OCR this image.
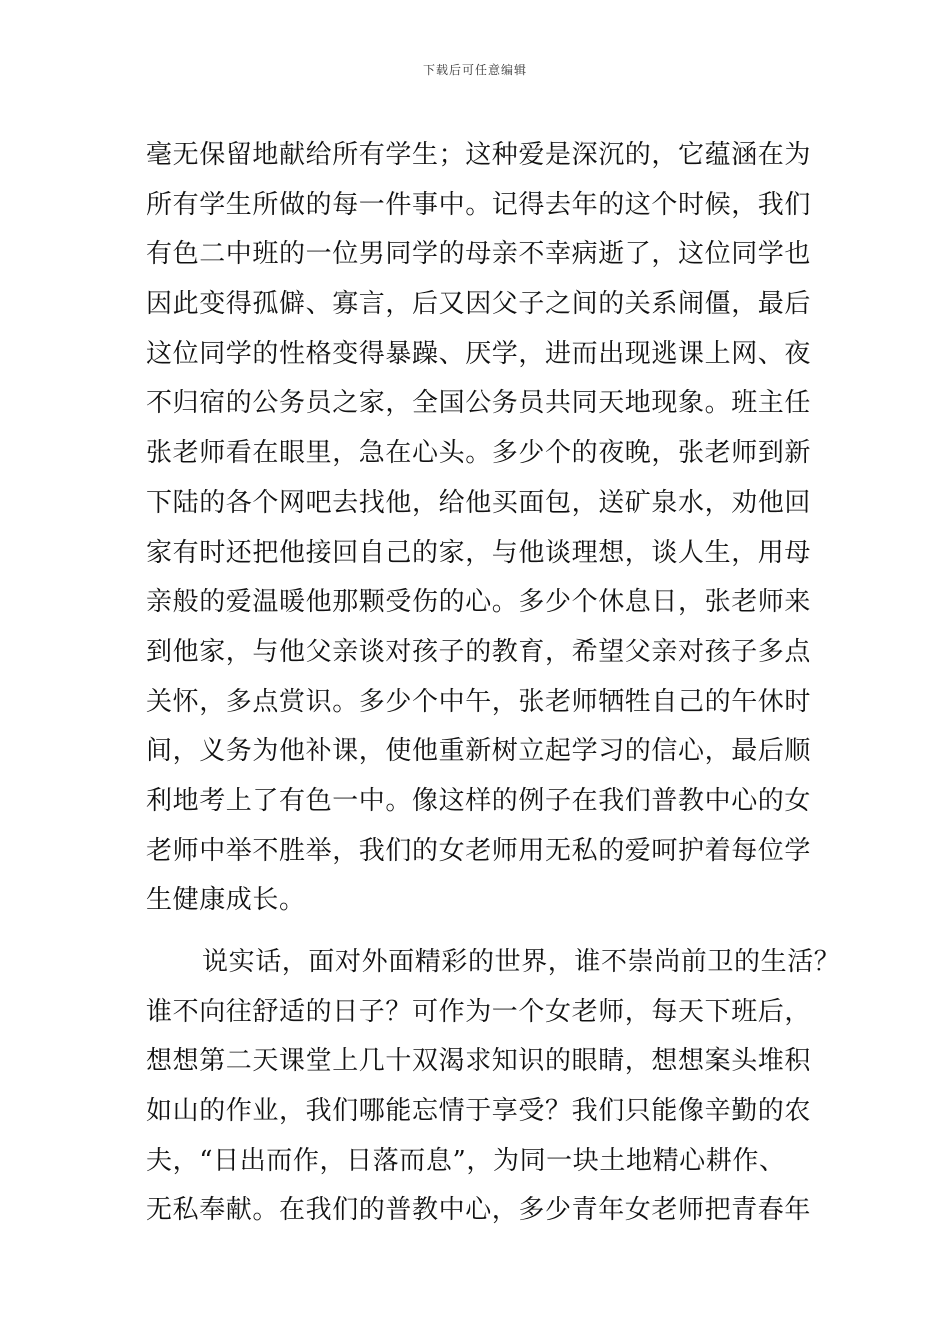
下载后可任意编辑
毫无保留地献给所有学生；这种爱是深沉的，它蕴涵在为
所有学生所做的每一件事中。记得去年的这个时候，我们
有色二中班的一位男同学的母亲不幸病逝了，这位同学也
因此变得孤僻、寡言，后又因父子之间的关系闹僵，最后
这位同学的性格变得暴躁、厌学，进而出现逃课上网、夜
不归宿的公务员之家，全国公务员共同天地现象。班主任
张老师看在眼里，急在心头。多少个的夜晚，张老师到新
下陆的各个网吧去找他，给他买面包，送矿泉水，劝他回
家有时还把他接回自己的家，与他谈理想，谈人生，用母
亲般的爱温暖他那颗受伤的心。多少个休息日，张老师来
到他家，与他父亲谈对孩子的教育，希望父亲对孩子多点
关怀，多点赏识。多少个中午，张老师牺牲自己的午休时
间，义务为他补课，使他重新树立起学习的信心，最后顺
利地考上了有色一中。像这样的例子在我们普教中心的女
老师中举不胜举，我们的女老师用无私的爱呵护着每位学
生健康成长。
说实话，面对外面精彩的世界，谁不崇尚前卫的生活？
谁不向往舒适的日子？可作为一个女老师，每天下班后，
想想第二天课堂上几十双渴求知识的眼睛，想想案头堆积
如山的作业，我们哪能忘情于享受？我们只能像辛勤的农
夫，“日出而作，日落而息”，为同一块土地精心耕作、
无私奉献。在我们的普教中心，多少青年女老师把青春年
